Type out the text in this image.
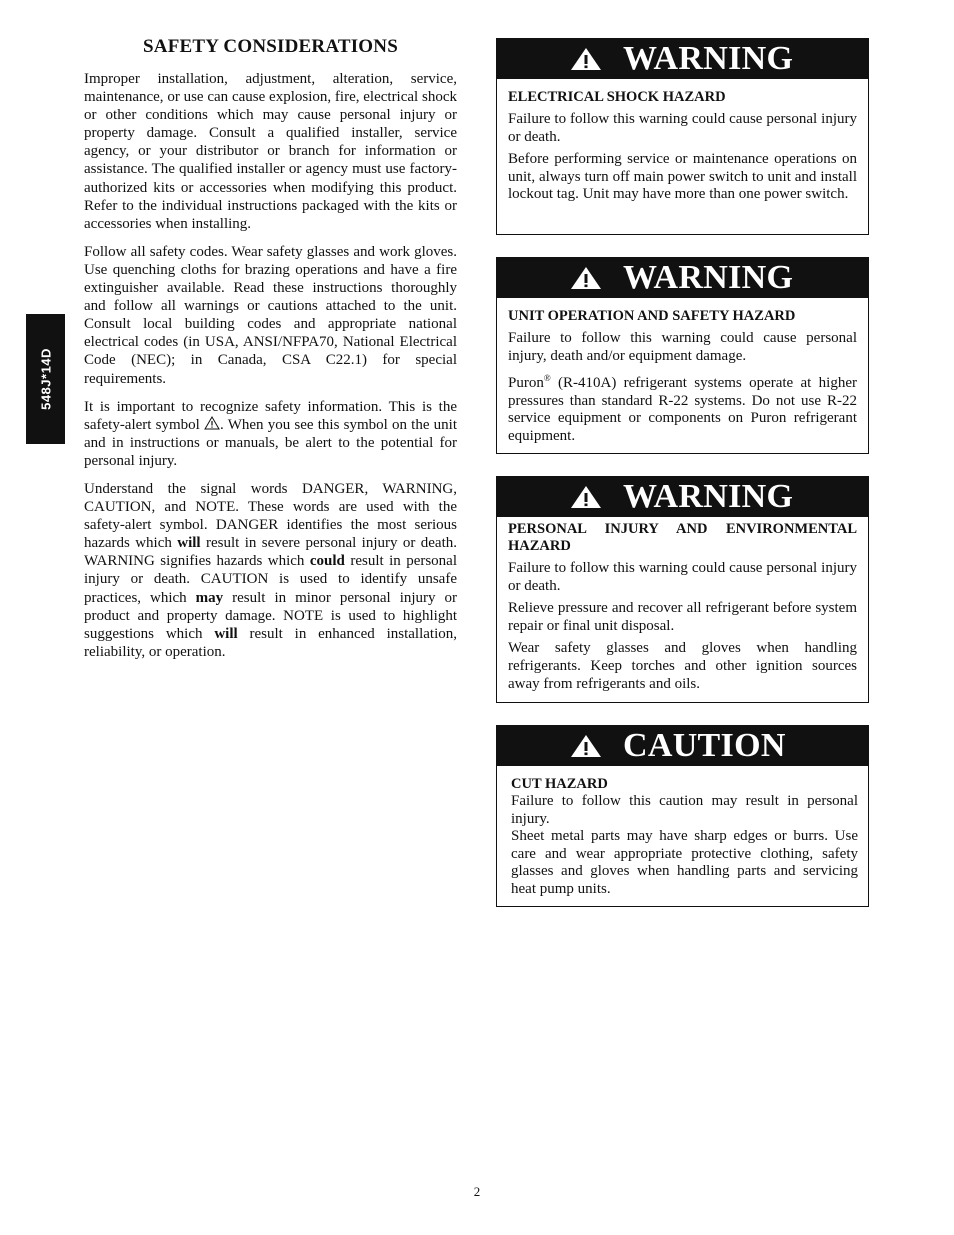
548J*14D
SAFETY CONSIDERATIONS

Improper installation, adjustment, alteration, service, maintenance, or use can cause explosion, fire, electrical shock or other conditions which may cause personal injury or property damage. Consult a qualified installer, service agency, or your distributor or branch for information or assistance. The qualified installer or agency must use factory-authorized kits or accessories when modifying this product. Refer to the individual instructions packaged with the kits or accessories when installing.

Follow all safety codes. Wear safety glasses and work gloves. Use quenching cloths for brazing operations and have a fire extinguisher available. Read these instructions thoroughly and follow all warnings or cautions attached to the unit. Consult local building codes and appropriate national electrical codes (in USA, ANSI/NFPA70, National Electrical Code (NEC); in Canada, CSA C22.1) for special requirements.

It is important to recognize safety information. This is the safety-alert symbol . When you see this symbol on the unit and in instructions or manuals, be alert to the potential for personal injury.

Understand the signal words DANGER, WARNING, CAUTION, and NOTE. These words are used with the safety-alert symbol. DANGER identifies the most serious hazards which will result in severe personal injury or death. WARNING signifies hazards which could result in personal injury or death. CAUTION is used to identify unsafe practices, which may result in minor personal injury or product and property damage. NOTE is used to highlight suggestions which will result in enhanced installation, reliability, or operation.

WARNING
ELECTRICAL SHOCK HAZARD

Failure to follow this warning could cause personal injury or death.

Before performing service or maintenance operations on unit, always turn off main power switch to unit and install lockout tag. Unit may have more than one power switch.

WARNING
UNIT OPERATION AND SAFETY HAZARD

Failure to follow this warning could cause personal injury, death and/or equipment damage.

Puron® (R-410A) refrigerant systems operate at higher pressures than standard R-22 systems. Do not use R-22 service equipment or components on Puron refrigerant equipment.

WARNING
PERSONAL INJURY AND ENVIRONMENTAL HAZARD

Failure to follow this warning could cause personal injury or death.

Relieve pressure and recover all refrigerant before system repair or final unit disposal.

Wear safety glasses and gloves when handling refrigerants. Keep torches and other ignition sources away from refrigerants and oils.

CAUTION
CUT HAZARD

Failure to follow this caution may result in personal injury.

Sheet metal parts may have sharp edges or burrs. Use care and wear appropriate protective clothing, safety glasses and gloves when handling parts and servicing heat pump units.

2
